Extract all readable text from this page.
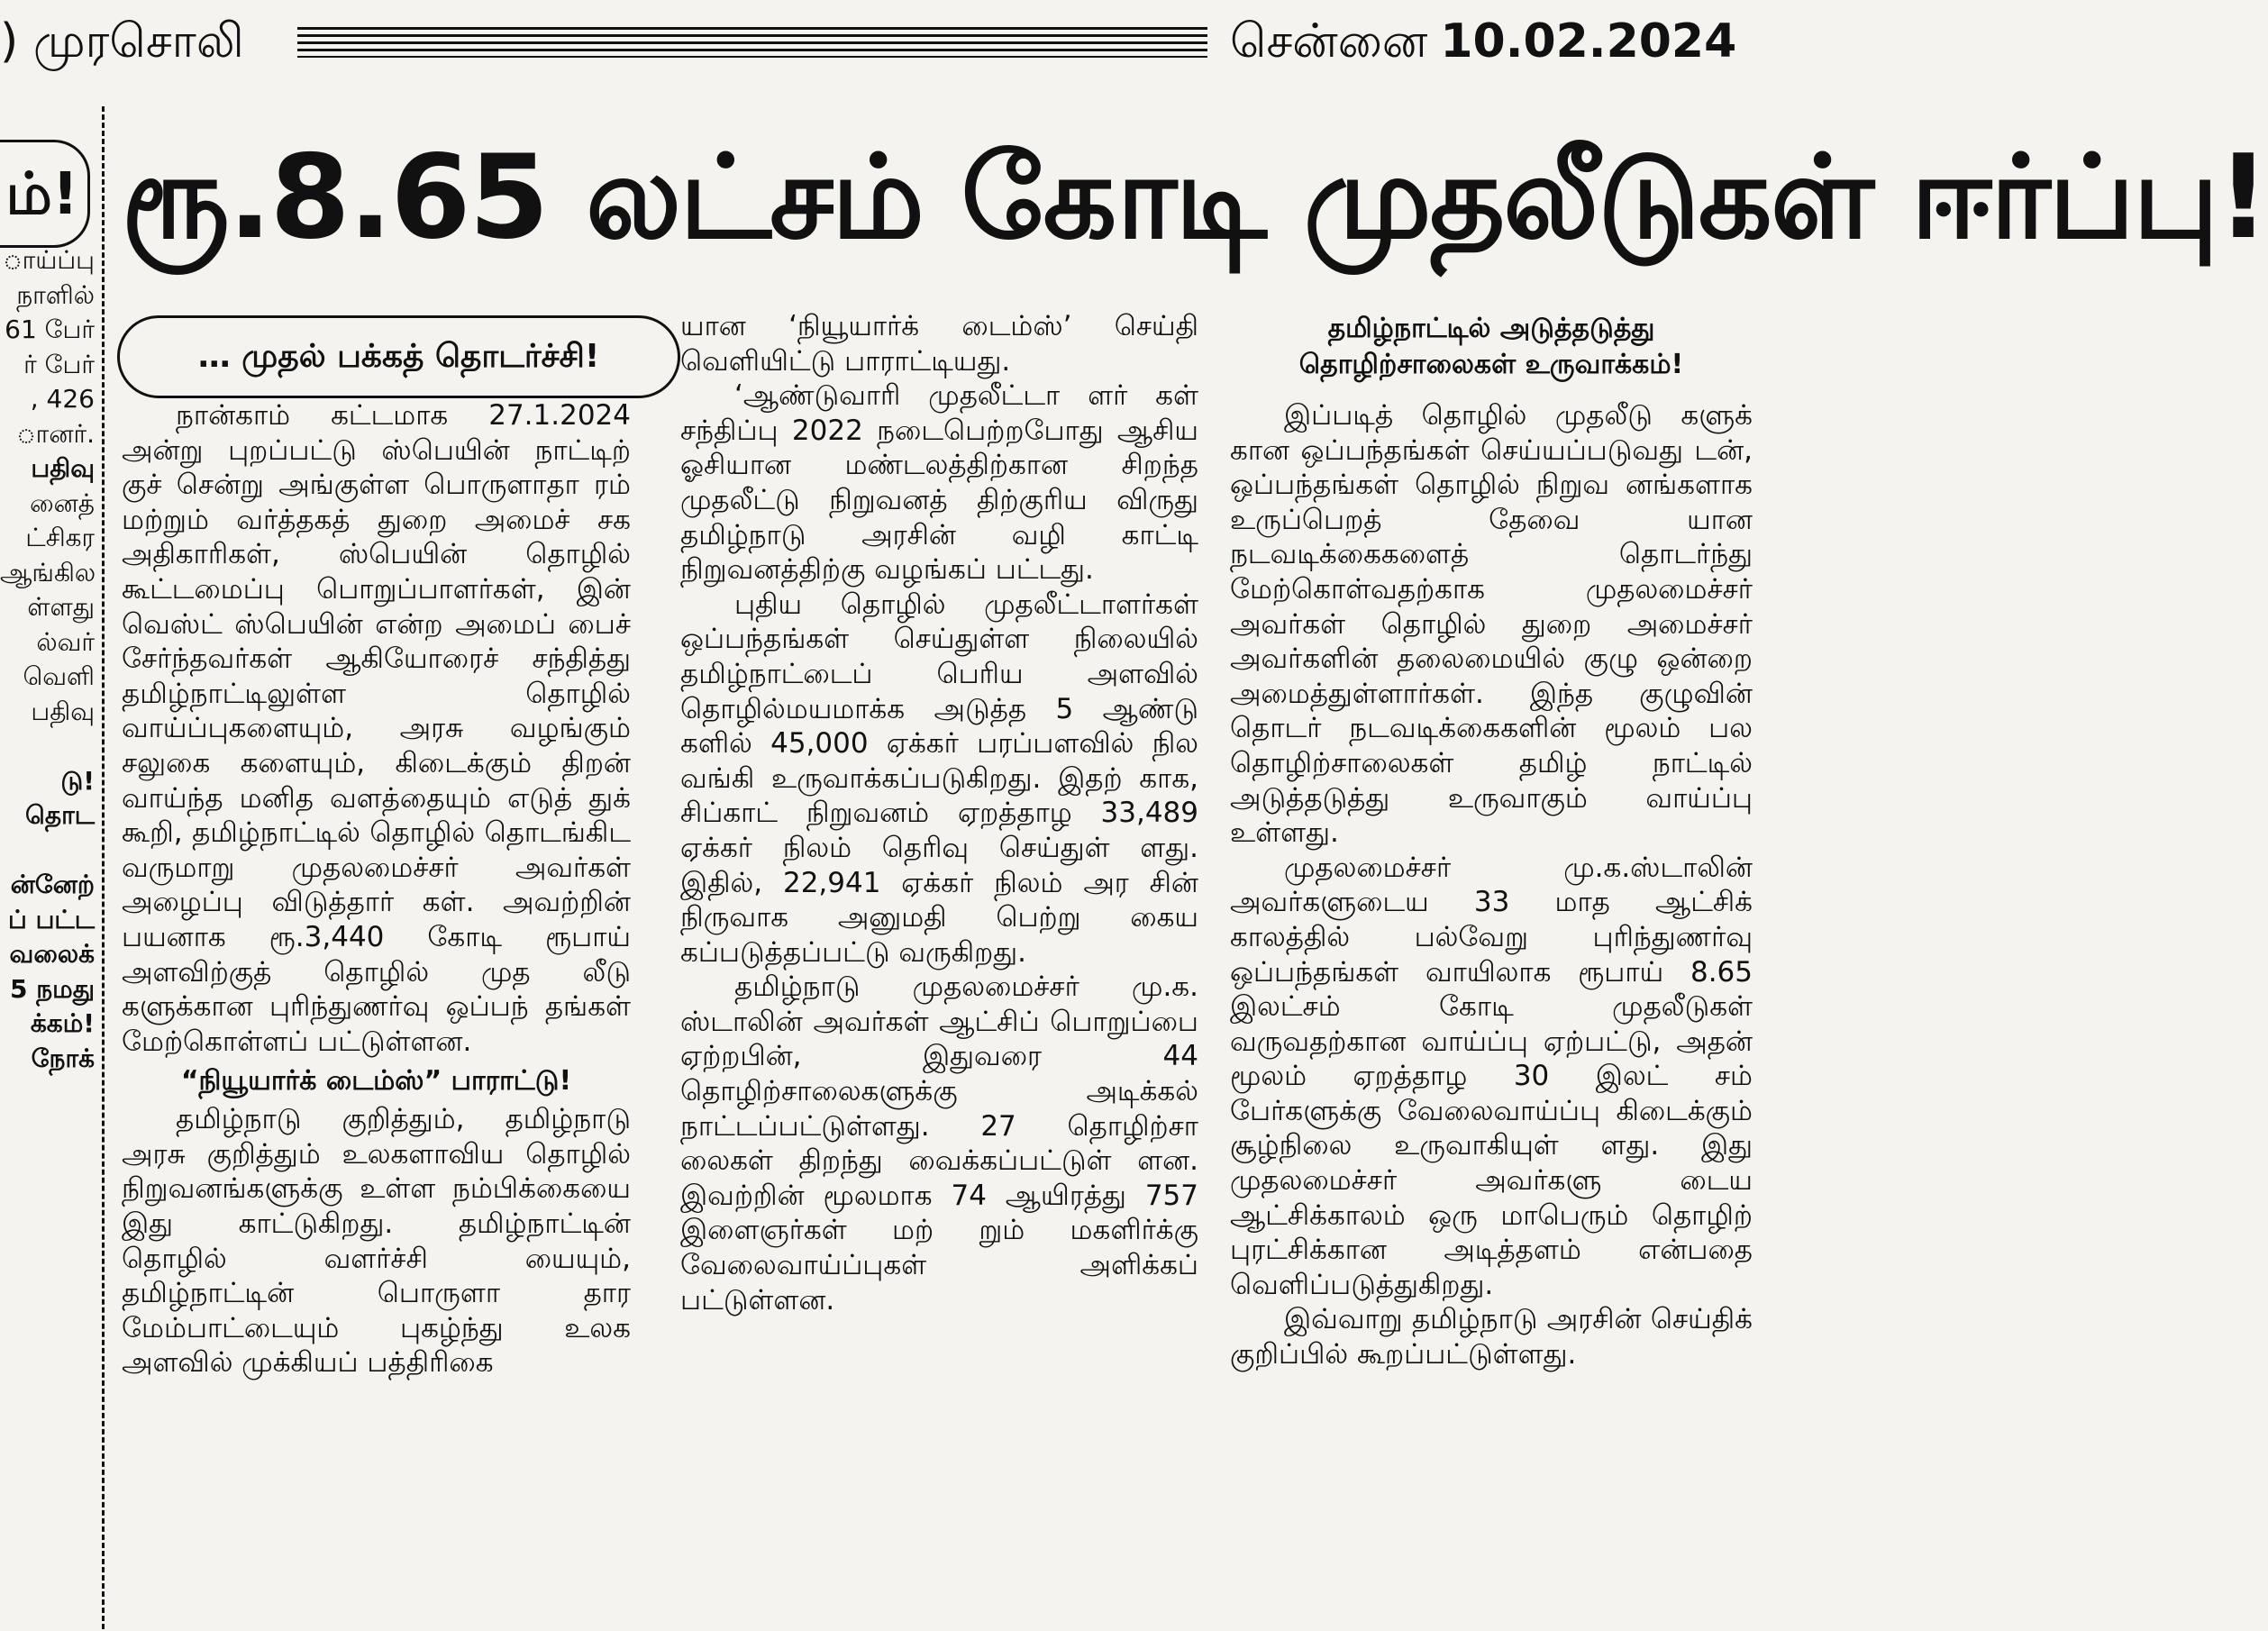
) முரசொலி	சென்னை 10.02.2024
ம்!
ாய்ப்பு
நாளில்
61 பேர்
ர் பேர்
, 426
ானர்.
பதிவு
னைத்
ட்சிகர
ஆங்கில
ள்ளது
ல்வர்
வெளி
பதிவு
டு!
தொட
ன்னேற்
ப் பட்ட
வலைக்
5 நமது
க்கம்!
நோக்
ரூ.8.65 லட்சம் கோடி முதலீடுகள் ஈர்ப்பு!
… முதல் பக்கத் தொடர்ச்சி!

நான்காம் கட்டமாக 27.1.2024 அன்று புறப்பட்டு ஸ்பெயின் நாட்டிற் குச் சென்று அங்குள்ள பொருளாதா ரம் மற்றும் வர்த்தகத் துறை அமைச் சக அதிகாரிகள், ஸ்பெயின் தொழில் கூட்டமைப்பு பொறுப்பாளர்கள், இன் வெஸ்ட் ஸ்பெயின் என்ற அமைப் பைச் சேர்ந்தவர்கள் ஆகியோரைச் சந்தித்து தமிழ்நாட்டிலுள்ள தொழில் வாய்ப்புகளையும், அரசு வழங்கும் சலுகை களையும், கிடைக்கும் திறன் வாய்ந்த மனித வளத்தையும் எடுத் துக் கூறி, தமிழ்நாட்டில் தொழில் தொடங்கிட வருமாறு முதலமைச்சர் அவர்கள் அழைப்பு விடுத்தார் கள். அவற்றின் பயனாக ரூ.3,440 கோடி ரூபாய் அளவிற்குத் தொழில் முத லீடு களுக்கான புரிந்துணர்வு ஒப்பந் தங்கள் மேற்கொள்ளப் பட்டுள்ளன.

“நியூயார்க் டைம்ஸ்” பாராட்டு!

தமிழ்நாடு குறித்தும், தமிழ்நாடு அரசு குறித்தும் உலகளாவிய தொழில் நிறுவனங்களுக்கு உள்ள நம்பிக்கையை இது காட்டுகிறது. தமிழ்நாட்டின் தொழில் வளர்ச்சி யையும், தமிழ்நாட்டின் பொருளா தார மேம்பாட்டையும் புகழ்ந்து உலக அளவில் முக்கியப் பத்திரிகை

யான ‘நியூயார்க் டைம்ஸ்’ செய்தி வெளியிட்டு பாராட்டியது.

‘ஆண்டுவாரி முதலீட்டா ளர் கள் சந்திப்பு 2022 நடைபெற்றபோது ஆசிய ஓசியான மண்டலத்திற்கான சிறந்த முதலீட்டு நிறுவனத் திற்குரிய விருது தமிழ்நாடு அரசின் வழி காட்டி நிறுவனத்திற்கு வழங்கப் பட்டது.

புதிய தொழில் முதலீட்டாளர்கள் ஒப்பந்தங்கள் செய்துள்ள நிலையில் தமிழ்நாட்டைப் பெரிய அளவில் தொழில்மயமாக்க அடுத்த 5 ஆண்டு களில் 45,000 ஏக்கர் பரப்பளவில் நில வங்கி உருவாக்கப்படுகிறது. இதற் காக, சிப்காட் நிறுவனம் ஏறத்தாழ 33,489 ஏக்கர் நிலம் தெரிவு செய்துள் ளது. இதில், 22,941 ஏக்கர் நிலம் அர சின் நிருவாக அனுமதி பெற்று கைய கப்படுத்தப்பட்டு வருகிறது.

தமிழ்நாடு முதலமைச்சர் மு.க. ஸ்டாலின் அவர்கள் ஆட்சிப் பொறுப்பை ஏற்றபின், இதுவரை 44 தொழிற்சாலைகளுக்கு அடிக்கல் நாட்டப்பட்டுள்ளது. 27 தொழிற்சா லைகள் திறந்து வைக்கப்பட்டுள் ளன. இவற்றின் மூலமாக 74 ஆயிரத்து 757 இளைஞர்கள் மற் றும் மகளிர்க்கு வேலைவாய்ப்புகள் அளிக்கப் பட்டுள்ளன.

தமிழ்நாட்டில் அடுத்தடுத்து

தொழிற்சாலைகள் உருவாக்கம்!

இப்படித் தொழில் முதலீடு களுக் கான ஒப்பந்தங்கள் செய்யப்படுவது டன், ஒப்பந்தங்கள் தொழில் நிறுவ னங்களாக உருப்பெறத் தேவை யான நடவடிக்கைகளைத் தொடர்ந்து மேற்கொள்வதற்காக முதலமைச்சர் அவர்கள் தொழில் துறை அமைச்சர் அவர்களின் தலைமையில் குழு ஒன்றை அமைத்துள்ளார்கள். இந்த குழுவின் தொடர் நடவடிக்கைகளின் மூலம் பல தொழிற்சாலைகள் தமிழ் நாட்டில் அடுத்தடுத்து உருவாகும் வாய்ப்பு உள்ளது.

முதலமைச்சர் மு.க.ஸ்டாலின் அவர்களுடைய 33 மாத ஆட்சிக் காலத்தில் பல்வேறு புரிந்துணர்வு ஒப்பந்தங்கள் வாயிலாக ரூபாய் 8.65 இலட்சம் கோடி முதலீடுகள் வருவதற்கான வாய்ப்பு ஏற்பட்டு, அதன் மூலம் ஏறத்தாழ 30 இலட் சம் பேர்களுக்கு வேலைவாய்ப்பு கிடைக்கும் சூழ்நிலை உருவாகியுள் ளது. இது முதலமைச்சர் அவர்களு டைய ஆட்சிக்காலம் ஒரு மாபெரும் தொழிற் புரட்சிக்கான அடித்தளம் என்பதை வெளிப்படுத்துகிறது.

இவ்வாறு தமிழ்நாடு அரசின் செய்திக் குறிப்பில் கூறப்பட்டுள்ளது.
